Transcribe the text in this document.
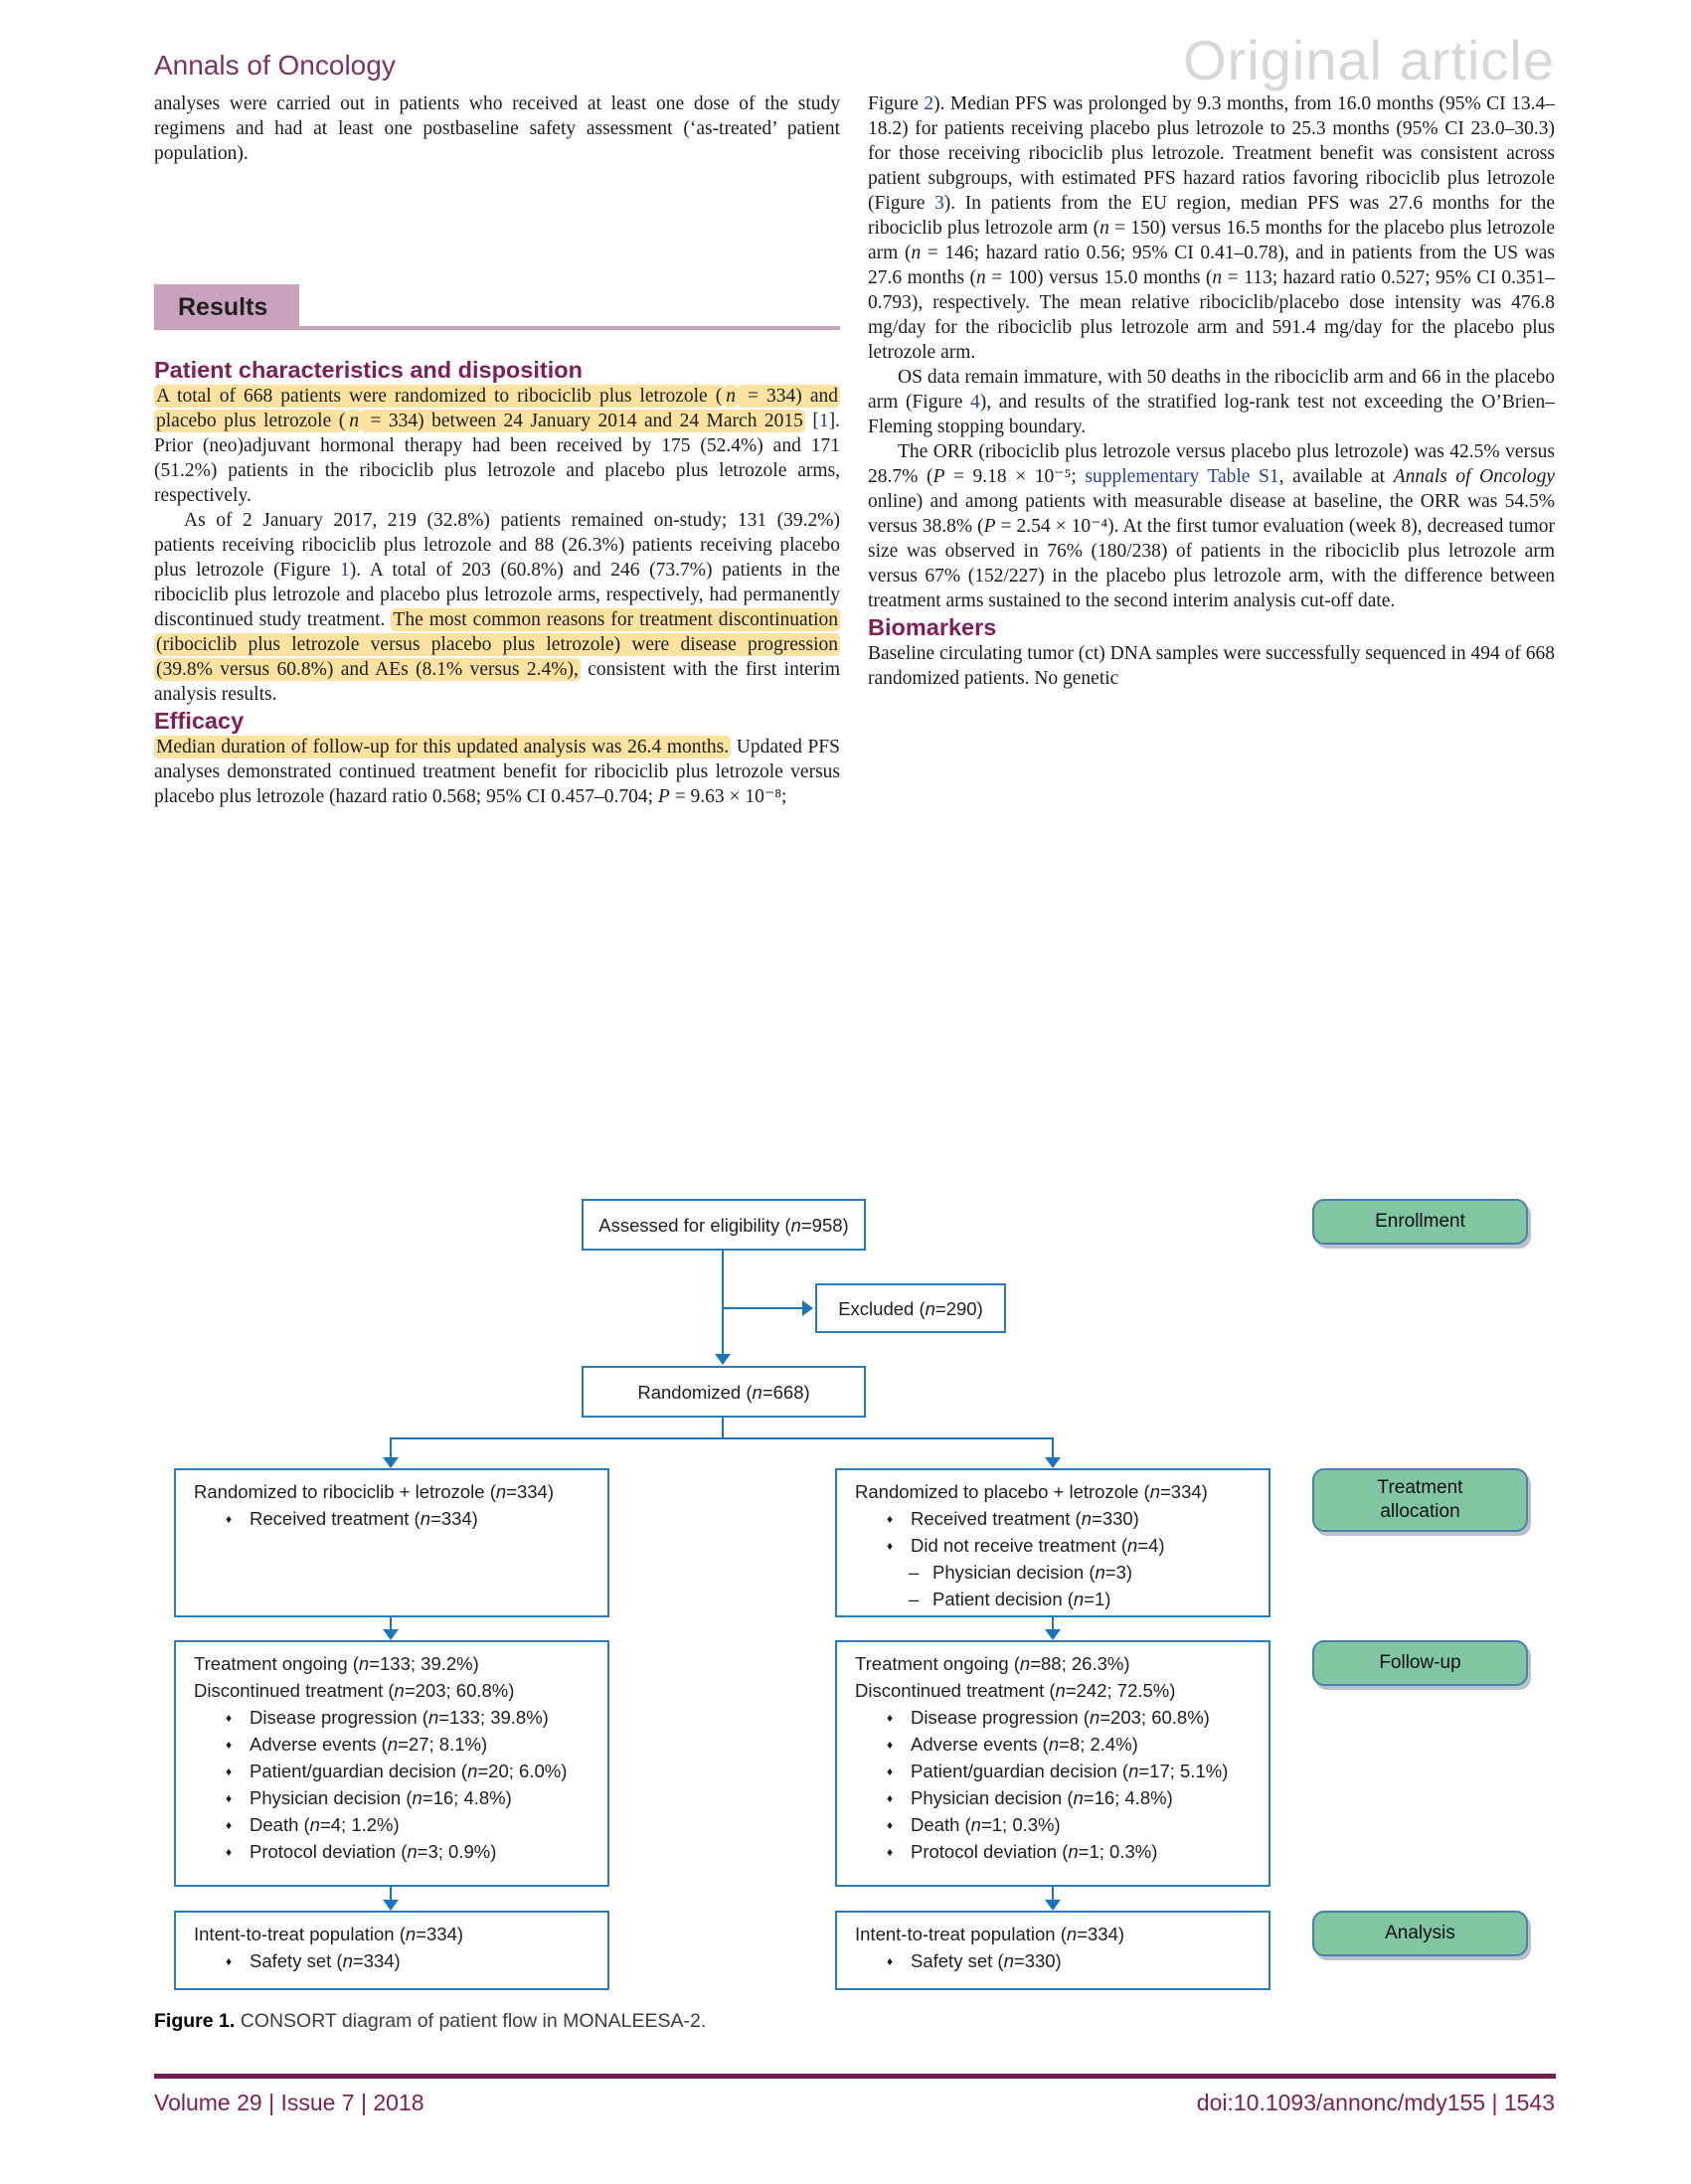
Annals of Oncology	Original article

analyses were carried out in patients who received at least one dose of the study regimens and had at least one postbaseline safety assessment (‘as-treated’ patient population).

Results
Patient characteristics and disposition

A total of 668 patients were randomized to ribociclib plus letrozole ( n = 334) and placebo plus letrozole ( n = 334) between 24 January 2014 and 24 March 2015 [1]. Prior (neo)adjuvant hormonal therapy had been received by 175 (52.4%) and 171 (51.2%) patients in the ribociclib plus letrozole and placebo plus letrozole arms, respectively.

As of 2 January 2017, 219 (32.8%) patients remained on-study; 131 (39.2%) patients receiving ribociclib plus letrozole and 88 (26.3%) patients receiving placebo plus letrozole (Figure 1). A total of 203 (60.8%) and 246 (73.7%) patients in the ribociclib plus letrozole and placebo plus letrozole arms, respectively, had permanently discontinued study treatment. The most common reasons for treatment discontinuation (ribociclib plus letrozole versus placebo plus letrozole) were disease progression (39.8% versus 60.8%) and AEs (8.1% versus 2.4%), consistent with the first interim analysis results.

Efficacy

Median duration of follow-up for this updated analysis was 26.4 months. Updated PFS analyses demonstrated continued treatment benefit for ribociclib plus letrozole versus placebo plus letrozole (hazard ratio 0.568; 95% CI 0.457–0.704; P = 9.63 × 10⁻⁸;

Figure 2). Median PFS was prolonged by 9.3 months, from 16.0 months (95% CI 13.4–18.2) for patients receiving placebo plus letrozole to 25.3 months (95% CI 23.0–30.3) for those receiving ribociclib plus letrozole. Treatment benefit was consistent across patient subgroups, with estimated PFS hazard ratios favoring ribociclib plus letrozole (Figure 3). In patients from the EU region, median PFS was 27.6 months for the ribociclib plus letrozole arm (n = 150) versus 16.5 months for the placebo plus letrozole arm (n = 146; hazard ratio 0.56; 95% CI 0.41–0.78), and in patients from the US was 27.6 months (n = 100) versus 15.0 months (n = 113; hazard ratio 0.527; 95% CI 0.351–0.793), respectively. The mean relative ribociclib/placebo dose intensity was 476.8 mg/day for the ribociclib plus letrozole arm and 591.4 mg/day for the placebo plus letrozole arm.

OS data remain immature, with 50 deaths in the ribociclib arm and 66 in the placebo arm (Figure 4), and results of the stratified log-rank test not exceeding the O’Brien–Fleming stopping boundary.

The ORR (ribociclib plus letrozole versus placebo plus letrozole) was 42.5% versus 28.7% (P = 9.18 × 10⁻⁵; supplementary Table S1, available at Annals of Oncology online) and among patients with measurable disease at baseline, the ORR was 54.5% versus 38.8% (P = 2.54 × 10⁻⁴). At the first tumor evaluation (week 8), decreased tumor size was observed in 76% (180/238) of patients in the ribociclib plus letrozole arm versus 67% (152/227) in the placebo plus letrozole arm, with the difference between treatment arms sustained to the second interim analysis cut-off date.

Biomarkers

Baseline circulating tumor (ct) DNA samples were successfully sequenced in 494 of 668 randomized patients. No genetic

Assessed for eligibility (n=958)
Excluded (n=290)
Randomized (n=668)
Randomized to ribociclib + letrozole (n=334)
♦ Received treatment (n=334)
Randomized to placebo + letrozole (n=334)
♦ Received treatment (n=330)
♦ Did not receive treatment (n=4)
– Physician decision (n=3)
– Patient decision (n=1)
Treatment ongoing (n=133; 39.2%)
Discontinued treatment (n=203; 60.8%)
♦ Disease progression (n=133; 39.8%)
♦ Adverse events (n=27; 8.1%)
♦ Patient/guardian decision (n=20; 6.0%)
♦ Physician decision (n=16; 4.8%)
♦ Death (n=4; 1.2%)
♦ Protocol deviation (n=3; 0.9%)
Treatment ongoing (n=88; 26.3%)
Discontinued treatment (n=242; 72.5%)
♦ Disease progression (n=203; 60.8%)
♦ Adverse events (n=8; 2.4%)
♦ Patient/guardian decision (n=17; 5.1%)
♦ Physician decision (n=16; 4.8%)
♦ Death (n=1; 0.3%)
♦ Protocol deviation (n=1; 0.3%)
Intent-to-treat population (n=334)
♦ Safety set (n=334)
Intent-to-treat population (n=334)
♦ Safety set (n=330)
Enrollment
Treatment
allocation
Follow-up
Analysis
Figure 1. CONSORT diagram of patient flow in MONALEESA-2.
Volume 29 | Issue 7 | 2018	doi:10.1093/annonc/mdy155 | 1543
